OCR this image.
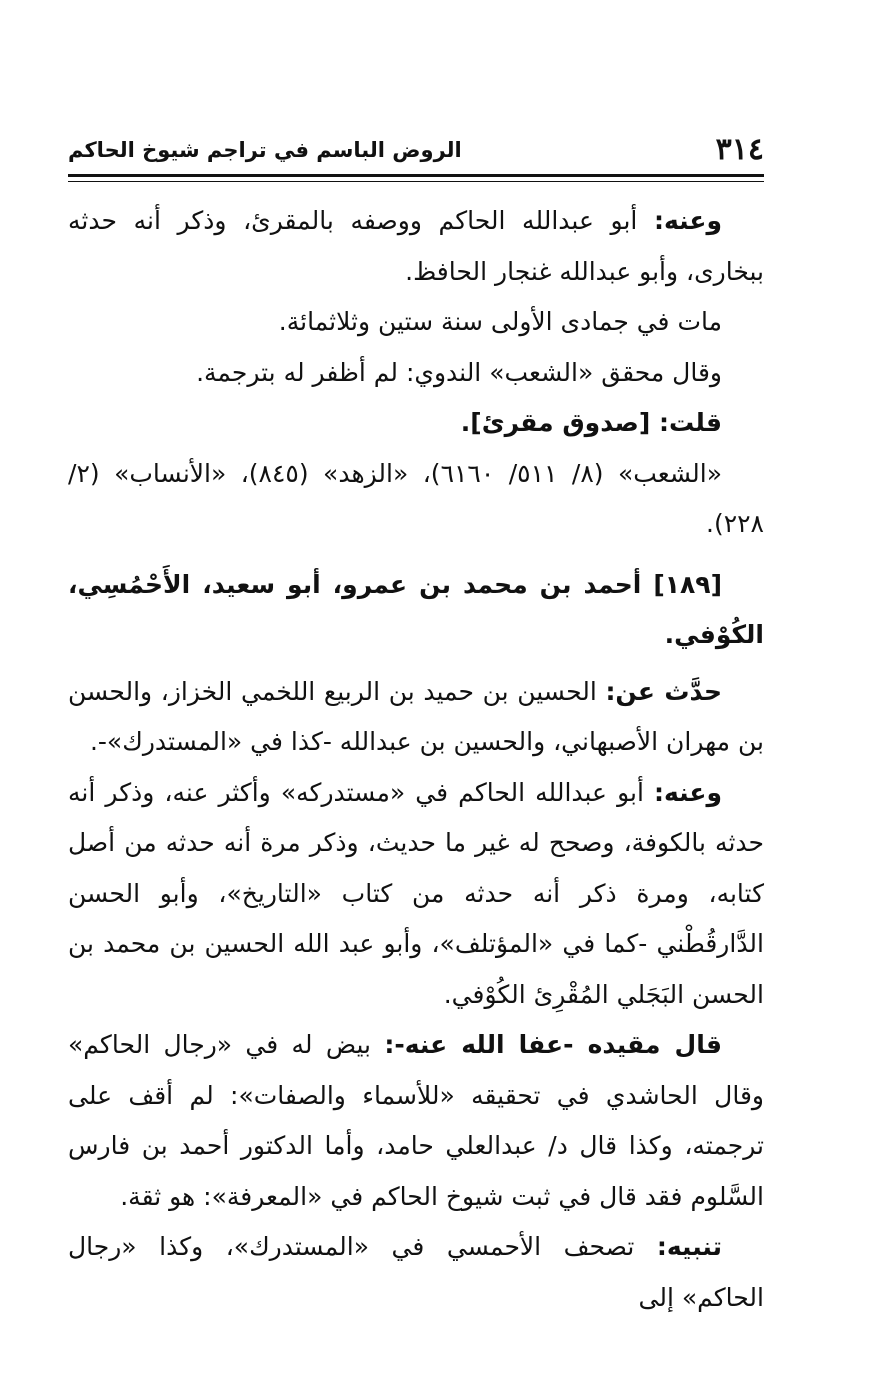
٣١٤
الروض الباسم في تراجم شيوخ الحاكم

وعنه: أبو عبدالله الحاكم ووصفه بالمقرئ، وذكر أنه حدثه ببخارى، وأبو عبدالله غنجار الحافظ.

مات في جمادى الأولى سنة ستين وثلاثمائة.

وقال محقق «الشعب» الندوي: لم أظفر له بترجمة.

قلت: [صدوق مقرئ].

«الشعب» (٨/ ٥١١/ ٦١٦٠)، «الزهد» (٨٤٥)، «الأنساب» (٢/ ٢٢٨).

[١٨٩] أحمد بن محمد بن عمرو، أبو سعيد، الأَحْمُسِي، الكُوْفي.

حدَّث عن: الحسين بن حميد بن الربيع اللخمي الخزاز، والحسن بن مهران الأصبهاني، والحسين بن عبدالله -كذا في «المستدرك»-.

وعنه: أبو عبدالله الحاكم في «مستدركه» وأكثر عنه، وذكر أنه حدثه بالكوفة، وصحح له غير ما حديث، وذكر مرة أنه حدثه من أصل كتابه، ومرة ذكر أنه حدثه من كتاب «التاريخ»، وأبو الحسن الدَّارقُطْني -كما في «المؤتلف»، وأبو عبد الله الحسين بن محمد بن الحسن البَجَلي المُقْرِئ الكُوْفي.

قال مقيده -عفا الله عنه-: بيض له في «رجال الحاكم» وقال الحاشدي في تحقيقه «للأسماء والصفات»: لم أقف على ترجمته، وكذا قال د/ عبدالعلي حامد، وأما الدكتور أحمد بن فارس السَّلوم فقد قال في ثبت شيوخ الحاكم في «المعرفة»: هو ثقة.

تنبيه: تصحف الأحمسي في «المستدرك»، وكذا «رجال الحاكم» إلى
